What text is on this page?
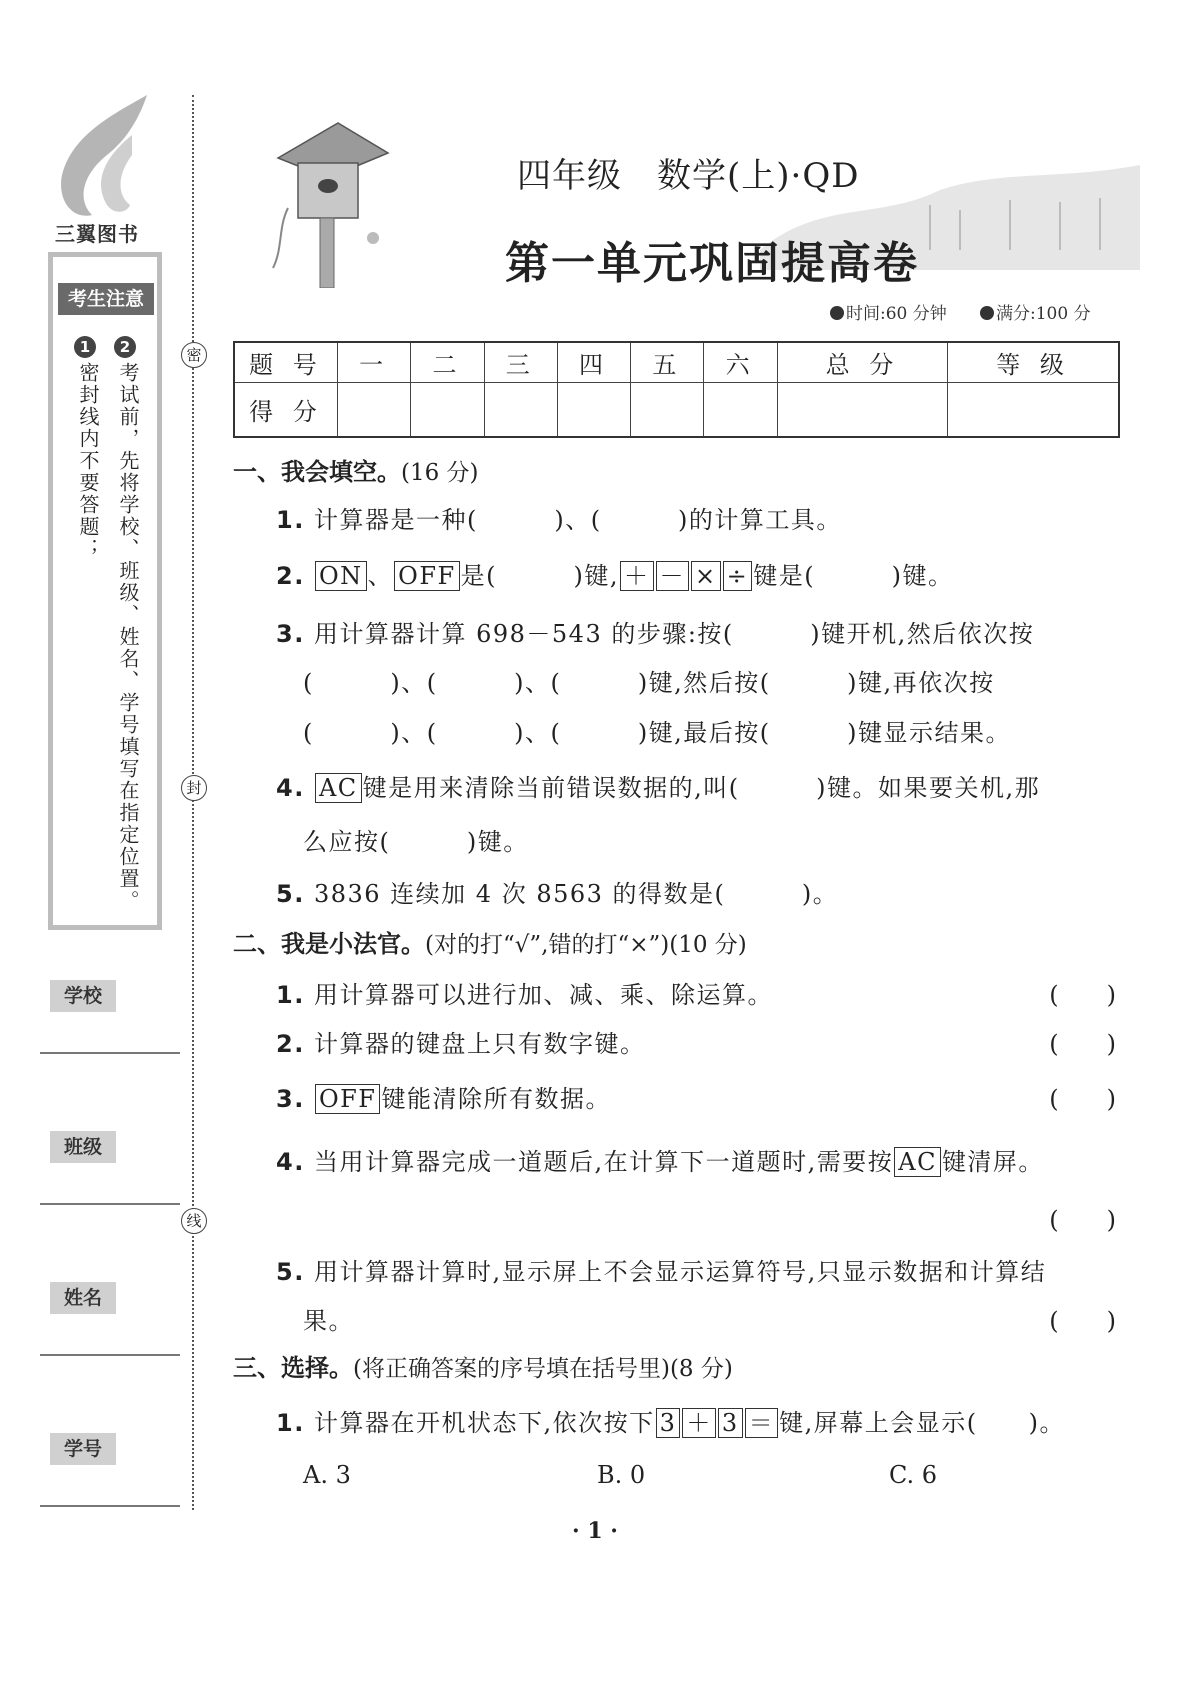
三翼图书
考生注意
1
密封线内不要答题；
2
考试前，先将学校、班级、姓名、学号填写在指定位置。
学校
班级
姓名
学号
密
封
线
四年级　数学(上)·QD
第一单元巩固提高卷
时间:60 分钟	满分:100 分
题 号	一	二	三	四	五	六	总 分	等 级
得 分								
一、我会填空。(16 分)
1. 计算器是一种(　　　)、(　　　)的计算工具。
2. ON 、 OFF 是(　　　)键, ＋ － × ÷ 键是(　　　)键。
3. 用计算器计算 698－543 的步骤:按(　　　)键开机,然后依次按
(　　　)、(　　　)、(　　　)键,然后按(　　　)键,再依次按
(　　　)、(　　　)、(　　　)键,最后按(　　　)键显示结果。
4. AC 键是用来清除当前错误数据的,叫(　　　)键。如果要关机,那
么应按(　　　)键。
5. 3836 连续加 4 次 8563 的得数是(　　　)。
二、我是小法官。(对的打“√”,错的打“×”)(10 分)
1. 用计算器可以进行加、减、乘、除运算。	(　　)
2. 计算器的键盘上只有数字键。	(　　)
3. OFF 键能清除所有数据。	(　　)
4. 当用计算器完成一道题后,在计算下一道题时,需要按 AC 键清屏。
(　　)
5. 用计算器计算时,显示屏上不会显示运算符号,只显示数据和计算结
果。	(　　)
三、选择。(将正确答案的序号填在括号里)(8 分)
1. 计算器在开机状态下,依次按下 3 ＋ 3 ＝ 键,屏幕上会显示(　　)。
A. 3	B. 0	C. 6
· 1 ·
